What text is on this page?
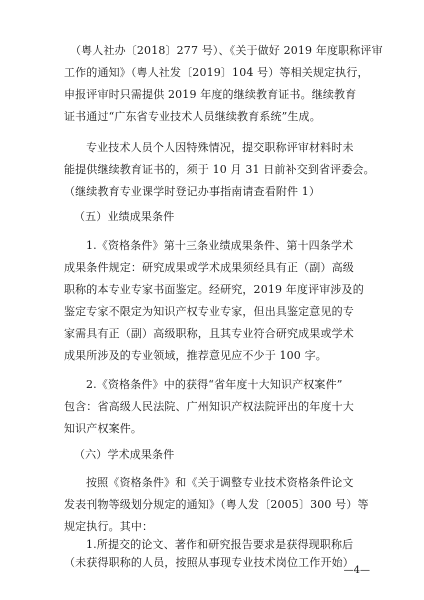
（粤人社办〔2018〕277 号）、《关于做好 2019 年度职称评审
工作的通知》（粤人社发〔2019〕104 号）等相关规定执行，
申报评审时只需提供 2019 年度的继续教育证书。继续教育
证书通过“广东省专业技术人员继续教育系统”生成。
专业技术人员个人因特殊情况，提交职称评审材料时未
能提供继续教育证书的，须于 10 月 31 日前补交到省评委会。
（继续教育专业课学时登记办事指南请查看附件 1）
（五）业绩成果条件
1.《资格条件》第十三条业绩成果条件、第十四条学术
成果条件规定：研究成果或学术成果须经具有正（副）高级
职称的本专业专家书面鉴定。经研究，2019 年度评审涉及的
鉴定专家不限定为知识产权专业专家，但出具鉴定意见的专
家需具有正（副）高级职称，且其专业符合研究成果或学术
成果所涉及的专业领域，推荐意见应不少于 100 字。
2.《资格条件》中的获得“省年度十大知识产权案件”
包含：省高级人民法院、广州知识产权法院评出的年度十大
知识产权案件。
（六）学术成果条件
按照《资格条件》和《关于调整专业技术资格条件论文
发表刊物等级划分规定的通知》（粤人发〔2005〕300 号）等
规定执行。其中：
1.所提交的论文、著作和研究报告要求是获得现职称后
（未获得职称的人员，按照从事现专业技术岗位工作开始）
—4—
